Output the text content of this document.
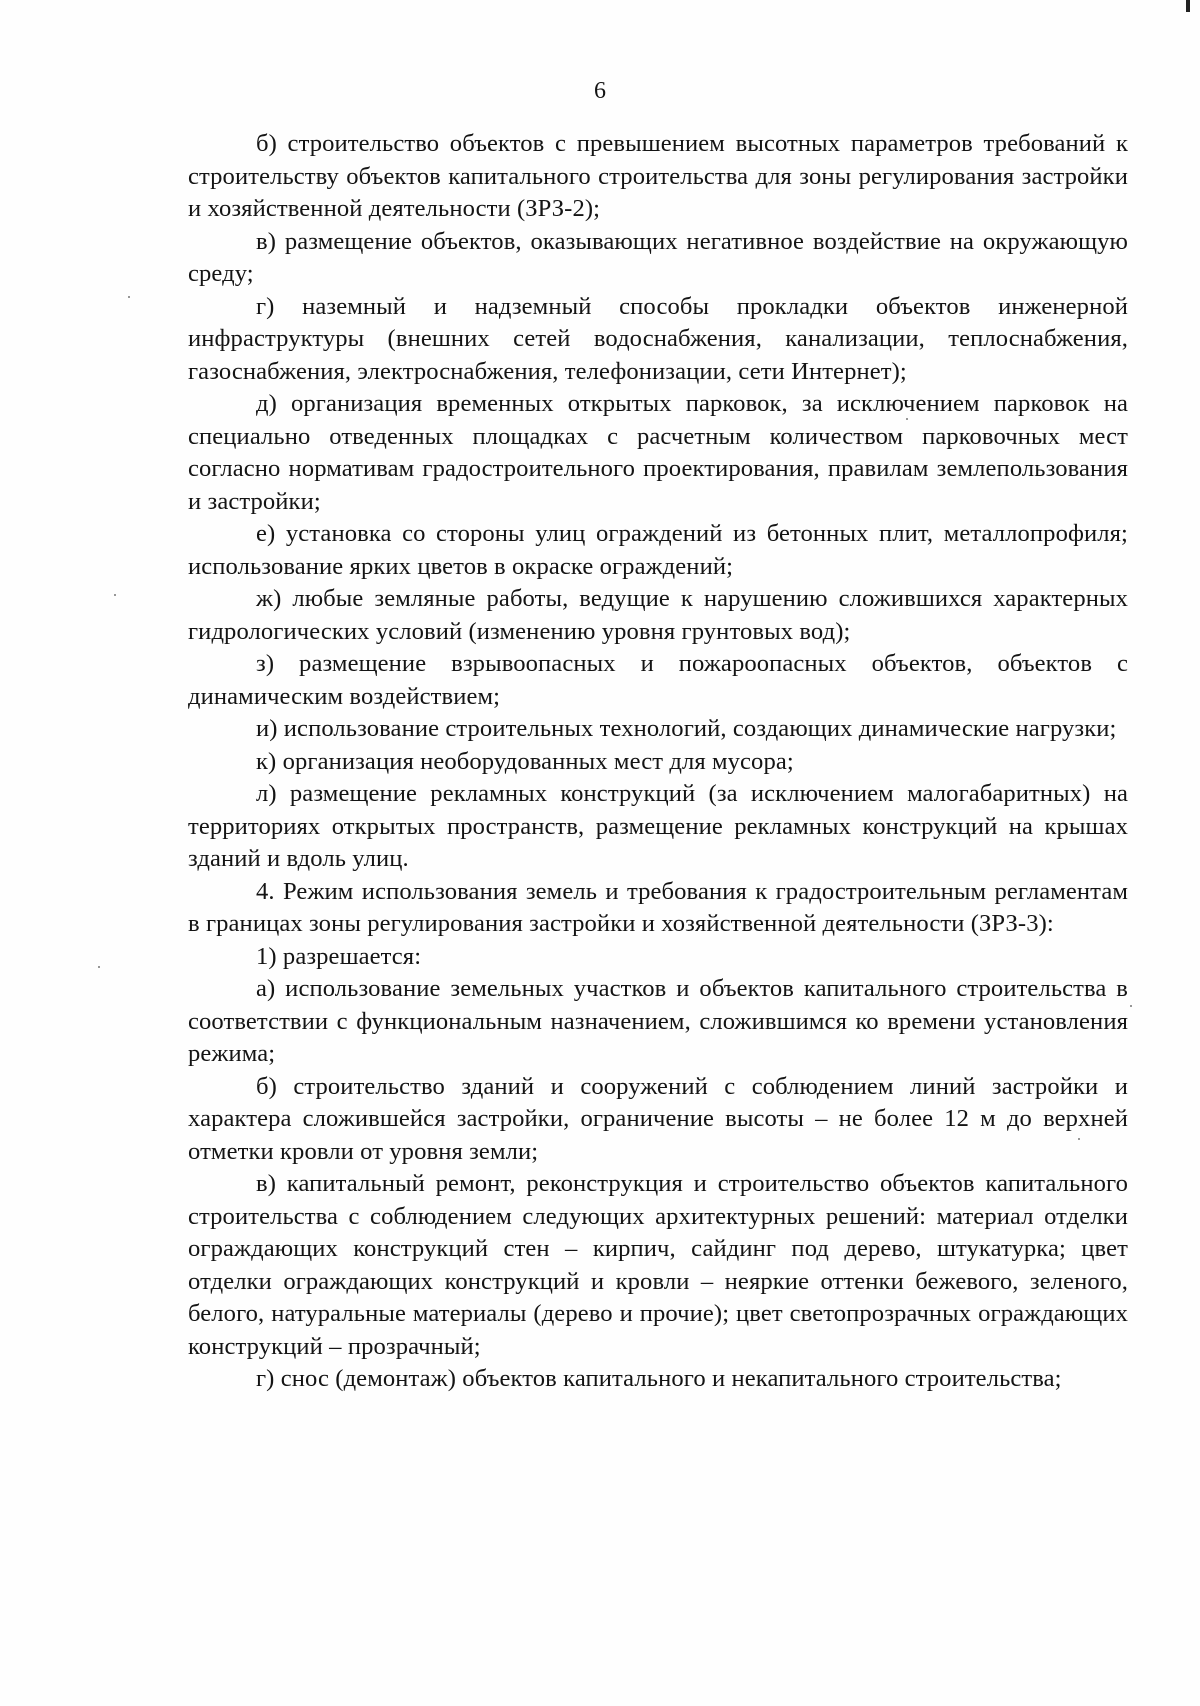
6

б) строительство объектов с превышением высотных параметров требований к строительству объектов капитального строительства для зоны регулирования застройки и хозяйственной деятельности (ЗРЗ-2);

в) размещение объектов, оказывающих негативное воздействие на окружающую среду;

г) наземный и надземный способы прокладки объектов инженерной инфраструктуры (внешних сетей водоснабжения, канализации, теплоснабжения, газоснабжения, электроснабжения, телефонизации, сети Интернет);

д) организация временных открытых парковок, за исключением парковок на специально отведенных площадках с расчетным количеством парковочных мест согласно нормативам градостроительного проектирования, правилам землепользования и застройки;

е) установка со стороны улиц ограждений из бетонных плит, металлопрофиля; использование ярких цветов в окраске ограждений;

ж) любые земляные работы, ведущие к нарушению сложившихся характерных гидрологических условий (изменению уровня грунтовых вод);

з) размещение взрывоопасных и пожароопасных объектов, объектов с динамическим воздействием;

и) использование строительных технологий, создающих динамические нагрузки;

к) организация необорудованных мест для мусора;

л) размещение рекламных конструкций (за исключением малогабаритных) на территориях открытых пространств, размещение рекламных конструкций на крышах зданий и вдоль улиц.

4. Режим использования земель и требования к градостроительным регламентам в границах зоны регулирования застройки и хозяйственной деятельности (ЗРЗ-3):

1) разрешается:

а) использование земельных участков и объектов капитального строительства в соответствии с функциональным назначением, сложившимся ко времени установления режима;

б) строительство зданий и сооружений с соблюдением линий застройки и характера сложившейся застройки, ограничение высоты – не более 12 м до верхней отметки кровли от уровня земли;

в) капитальный ремонт, реконструкция и строительство объектов капитального строительства с соблюдением следующих архитектурных решений: материал отделки ограждающих конструкций стен – кирпич, сайдинг под дерево, штукатурка; цвет отделки ограждающих конструкций и кровли – неяркие оттенки бежевого, зеленого, белого, натуральные материалы (дерево и прочие); цвет светопрозрачных ограждающих конструкций – прозрачный;

г) снос (демонтаж) объектов капитального и некапитального строительства;
